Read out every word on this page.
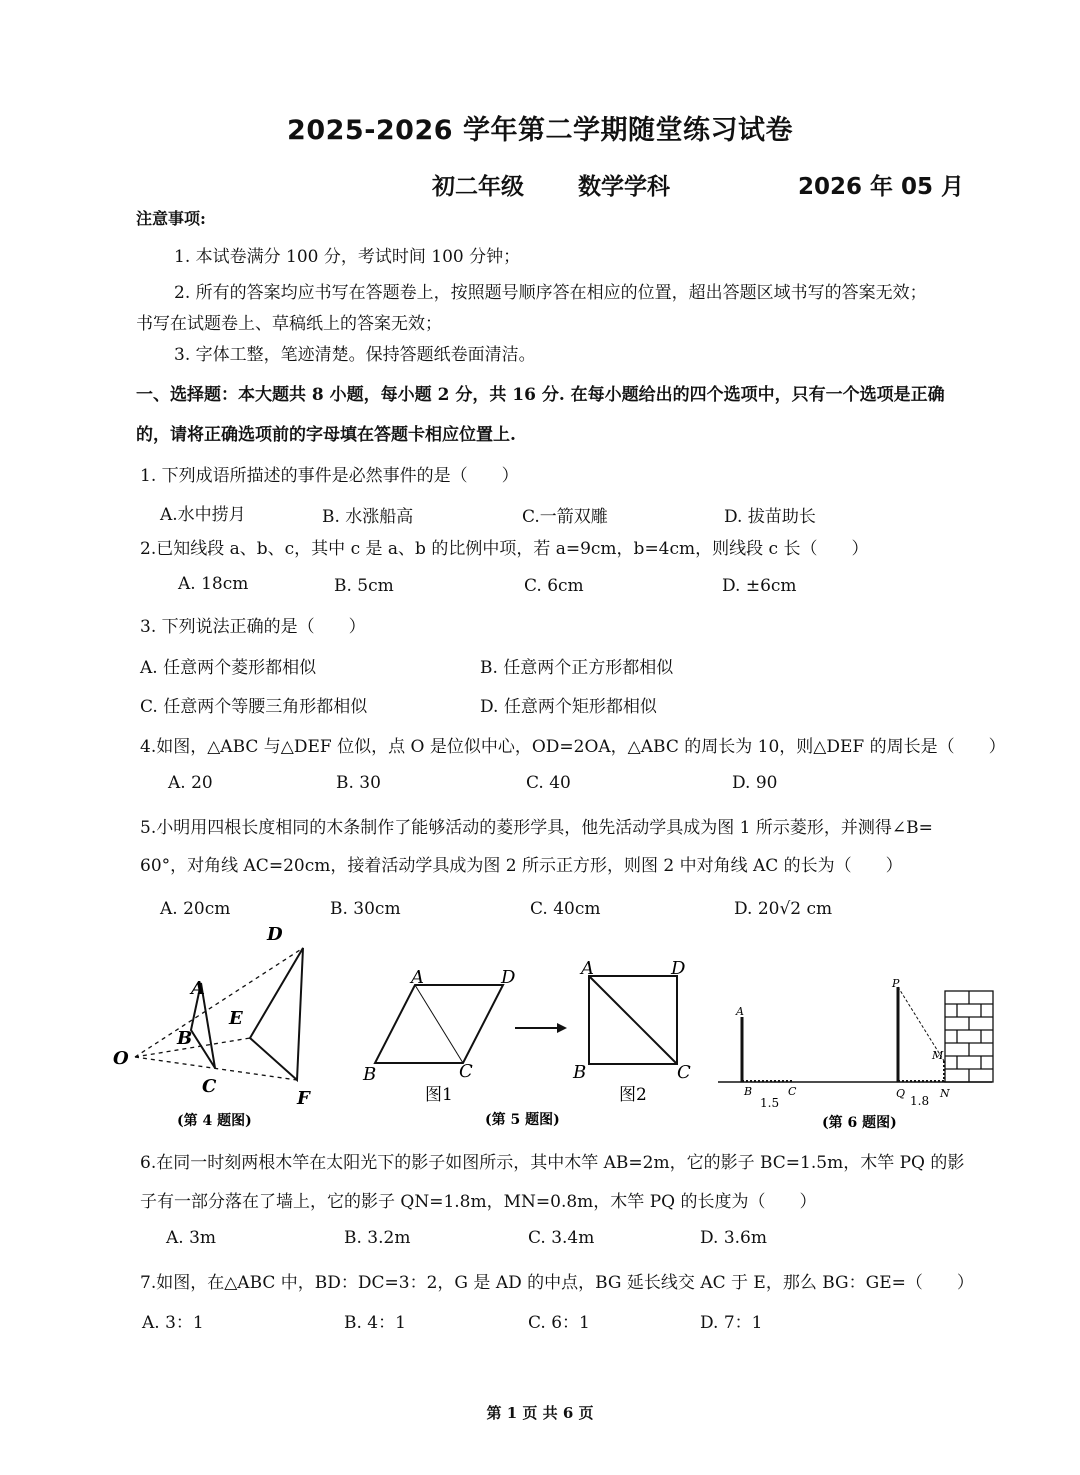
2025-2026 学年第二学期随堂练习试卷
初二年级 数学学科	2026 年 05 月
注意事项:
1. 本试卷满分 100 分，考试时间 100 分钟；
2. 所有的答案均应书写在答题卷上，按照题号顺序答在相应的位置，超出答题区域书写的答案无效；
书写在试题卷上、草稿纸上的答案无效；
3. 字体工整，笔迹清楚。保持答题纸卷面清洁。
一、选择题：本大题共 8 小题，每小题 2 分，共 16 分. 在每小题给出的四个选项中，只有一个选项是正确
的，请将正确选项前的字母填在答题卡相应位置上.
1. 下列成语所描述的事件是必然事件的是（　　）
A.水中捞月	B. 水涨船高	C.一箭双雕	D. 拔苗助长
2.已知线段 a、b、c，其中 c 是 a、b 的比例中项，若 a=9cm，b=4cm，则线段 c 长（　　）
A. 18cm	B. 5cm	C. 6cm	D. ±6cm
3. 下列说法正确的是（　　）
A. 任意两个菱形都相似	B. 任意两个正方形都相似
C. 任意两个等腰三角形都相似	D. 任意两个矩形都相似
4.如图，△ABC 与△DEF 位似，点 O 是位似中心，OD=2OA，△ABC 的周长为 10，则△DEF 的周长是（　　）
A. 20	B. 30	C. 40	D. 90
5.小明用四根长度相同的木条制作了能够活动的菱形学具，他先活动学具成为图 1 所示菱形，并测得∠B=
60°，对角线 AC=20cm，接着活动学具成为图 2 所示正方形，则图 2 中对角线 AC 的长为（　　）
A. 20cm	B. 30cm	C. 40cm	D. 20√2 cm
O
A
B
C
D
E
F
(第 4 题图)
A	D
B	C
A	D
B	C
图1	图2
(第 5 题图)
A
B	C
P
Q	N
M
1.5	1.8
(第 6 题图)
6.在同一时刻两根木竿在太阳光下的影子如图所示，其中木竿 AB=2m，它的影子 BC=1.5m，木竿 PQ 的影
子有一部分落在了墙上，它的影子 QN=1.8m，MN=0.8m，木竿 PQ 的长度为（　　）
A. 3m	B. 3.2m	C. 3.4m	D. 3.6m
7.如图，在△ABC 中，BD：DC=3：2，G 是 AD 的中点，BG 延长线交 AC 于 E，那么 BG：GE=（　　）
A. 3：1	B. 4：1	C. 6：1	D. 7：1
第 1 页 共 6 页
